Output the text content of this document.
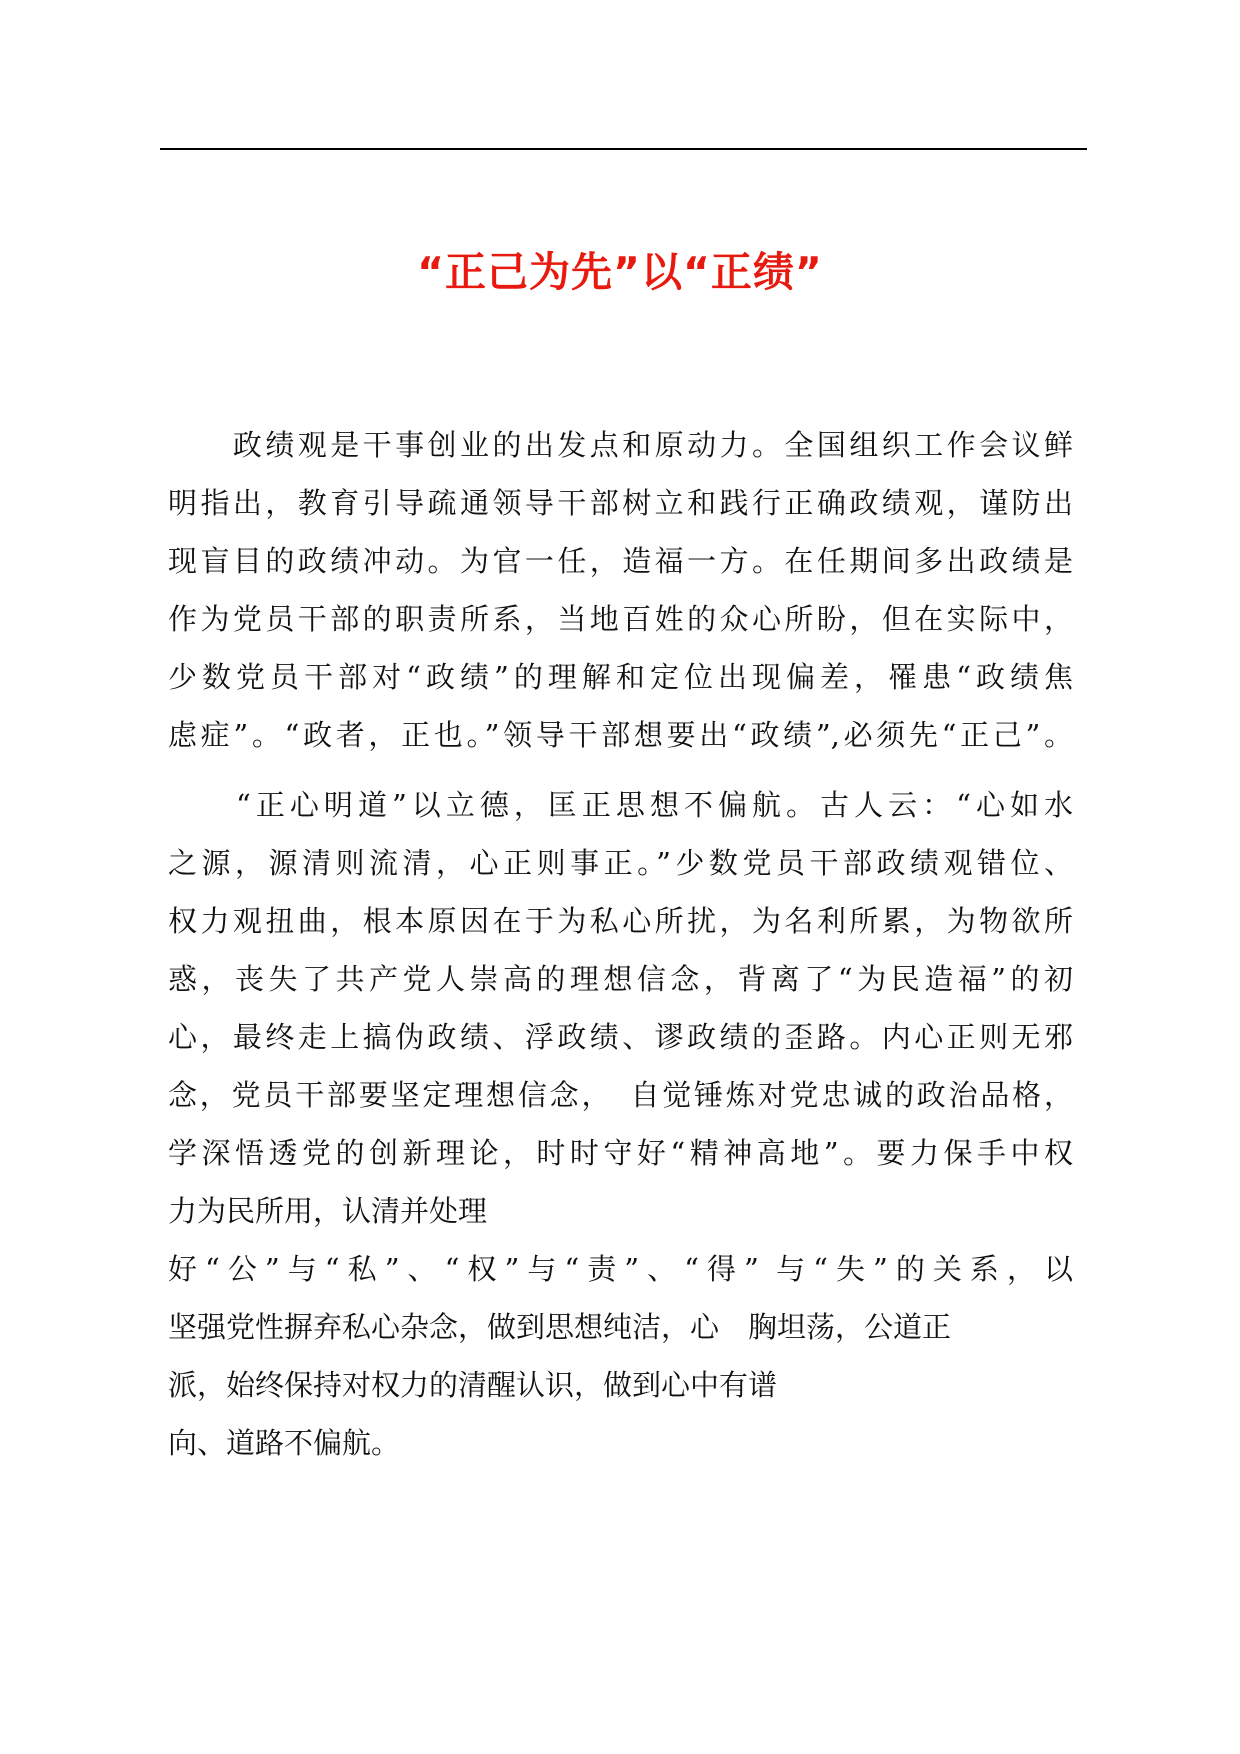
“正己为先”以“正绩”

　　政绩观是干事创业的出发点和原动力。全国组织工作会议鲜

明指出，教育引导疏通领导干部树立和践行正确政绩观，谨防出

现盲目的政绩冲动。为官一任，造福一方。在任期间多出政绩是

作为党员干部的职责所系，当地百姓的众心所盼，但在实际中，

少数党员干部对“政绩”的理解和定位出现偏差，罹患“政绩焦

虑症”。“政者，正也。”领导干部想要出“政绩”,必须先“正己”。

　　“正心明道”以立德，匡正思想不偏航。古人云：“心如水

之源，源清则流清，心正则事正。”少数党员干部政绩观错位、

权力观扭曲，根本原因在于为私心所扰，为名利所累，为物欲所

惑，丧失了共产党人崇高的理想信念，背离了“为民造福”的初

心，最终走上搞伪政绩、浮政绩、谬政绩的歪路。内心正则无邪

念，党员干部要坚定理想信念，　自觉锤炼对党忠诚的政治品格，

学深悟透党的创新理论，时时守好“精神高地”。要力保手中权

力为民所用，认清并处理

好“公”与“私”、“权”与“责”、“得” 与“失”的关系，以

坚强党性摒弃私心杂念，做到思想纯洁，心　胸坦荡，公道正

派，始终保持对权力的清醒认识，做到心中有谱

向、道路不偏航。
